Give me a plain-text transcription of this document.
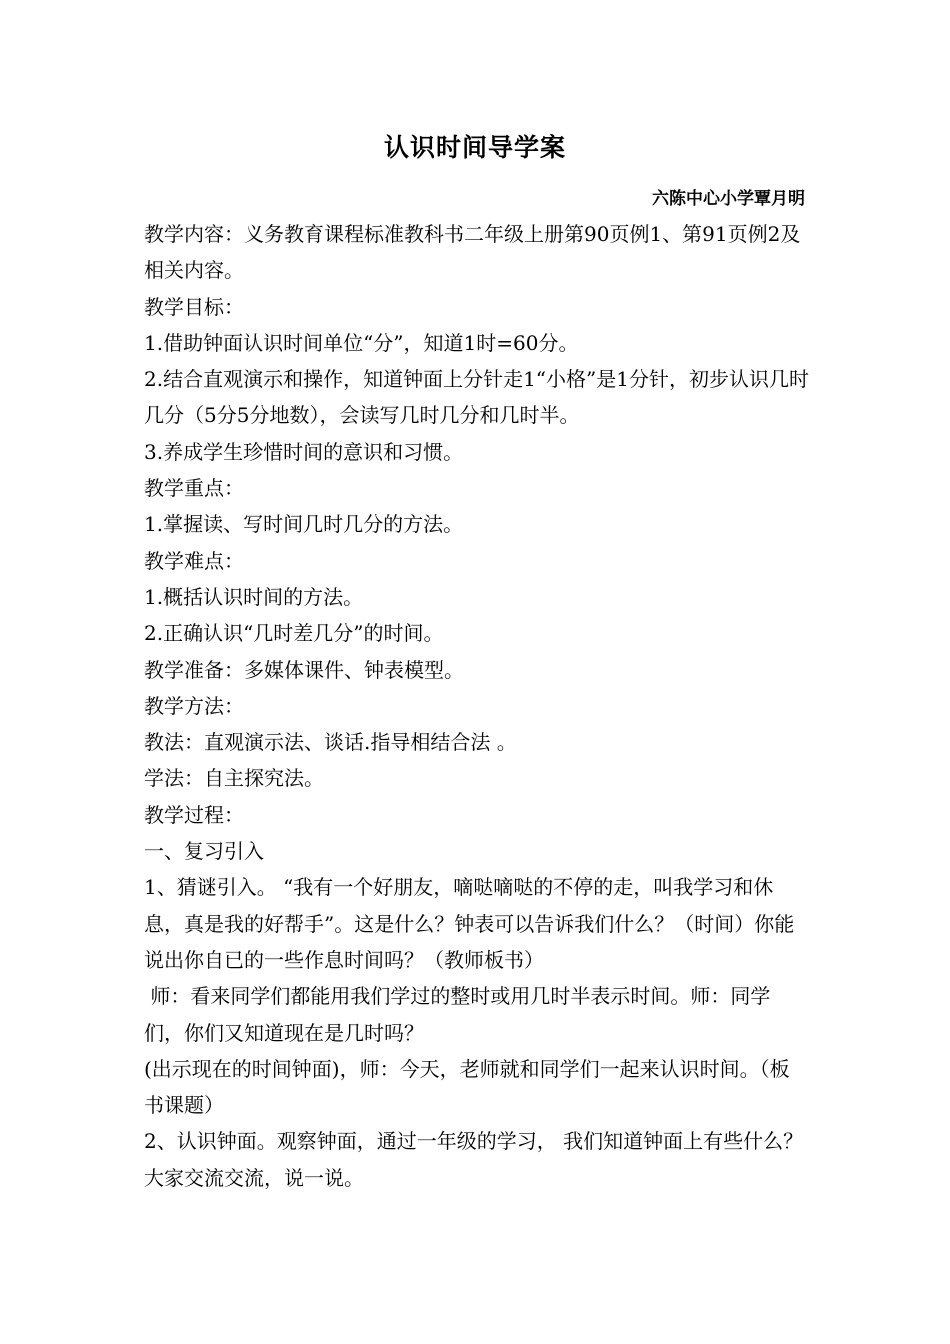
认识时间导学案
六陈中心小学覃月明

教学内容：义务教育课程标准教科书二年级上册第90页例1、第91页例2及相关内容。

教学目标：

1.借助钟面认识时间单位“分”，知道1时=60分。

2.结合直观演示和操作，知道钟面上分针走1“小格”是1分针，初步认识几时几分（5分5分地数），会读写几时几分和几时半。

3.养成学生珍惜时间的意识和习惯。

教学重点：

1.掌握读、写时间几时几分的方法。

教学难点：

1.概括认识时间的方法。

2.正确认识“几时差几分”的时间。

教学准备：多媒体课件、钟表模型。

教学方法：

教法：直观演示法、谈话.指导相结合法 。

学法：自主探究法。

教学过程：

一、复习引入

1、猜谜引入。 “我有一个好朋友，嘀哒嘀哒的不停的走，叫我学习和休息，真是我的好帮手”。这是什么？钟表可以告诉我们什么？（时间）你能说出你自已的一些作息时间吗？（教师板书）

师：看来同学们都能用我们学过的整时或用几时半表示时间。师：同学们，你们又知道现在是几时吗？

(出示现在的时间钟面)，师：今天，老师就和同学们一起来认识时间。（板书课题）

2、认识钟面。观察钟面，通过一年级的学习， 我们知道钟面上有些什么？大家交流交流，说一说。
